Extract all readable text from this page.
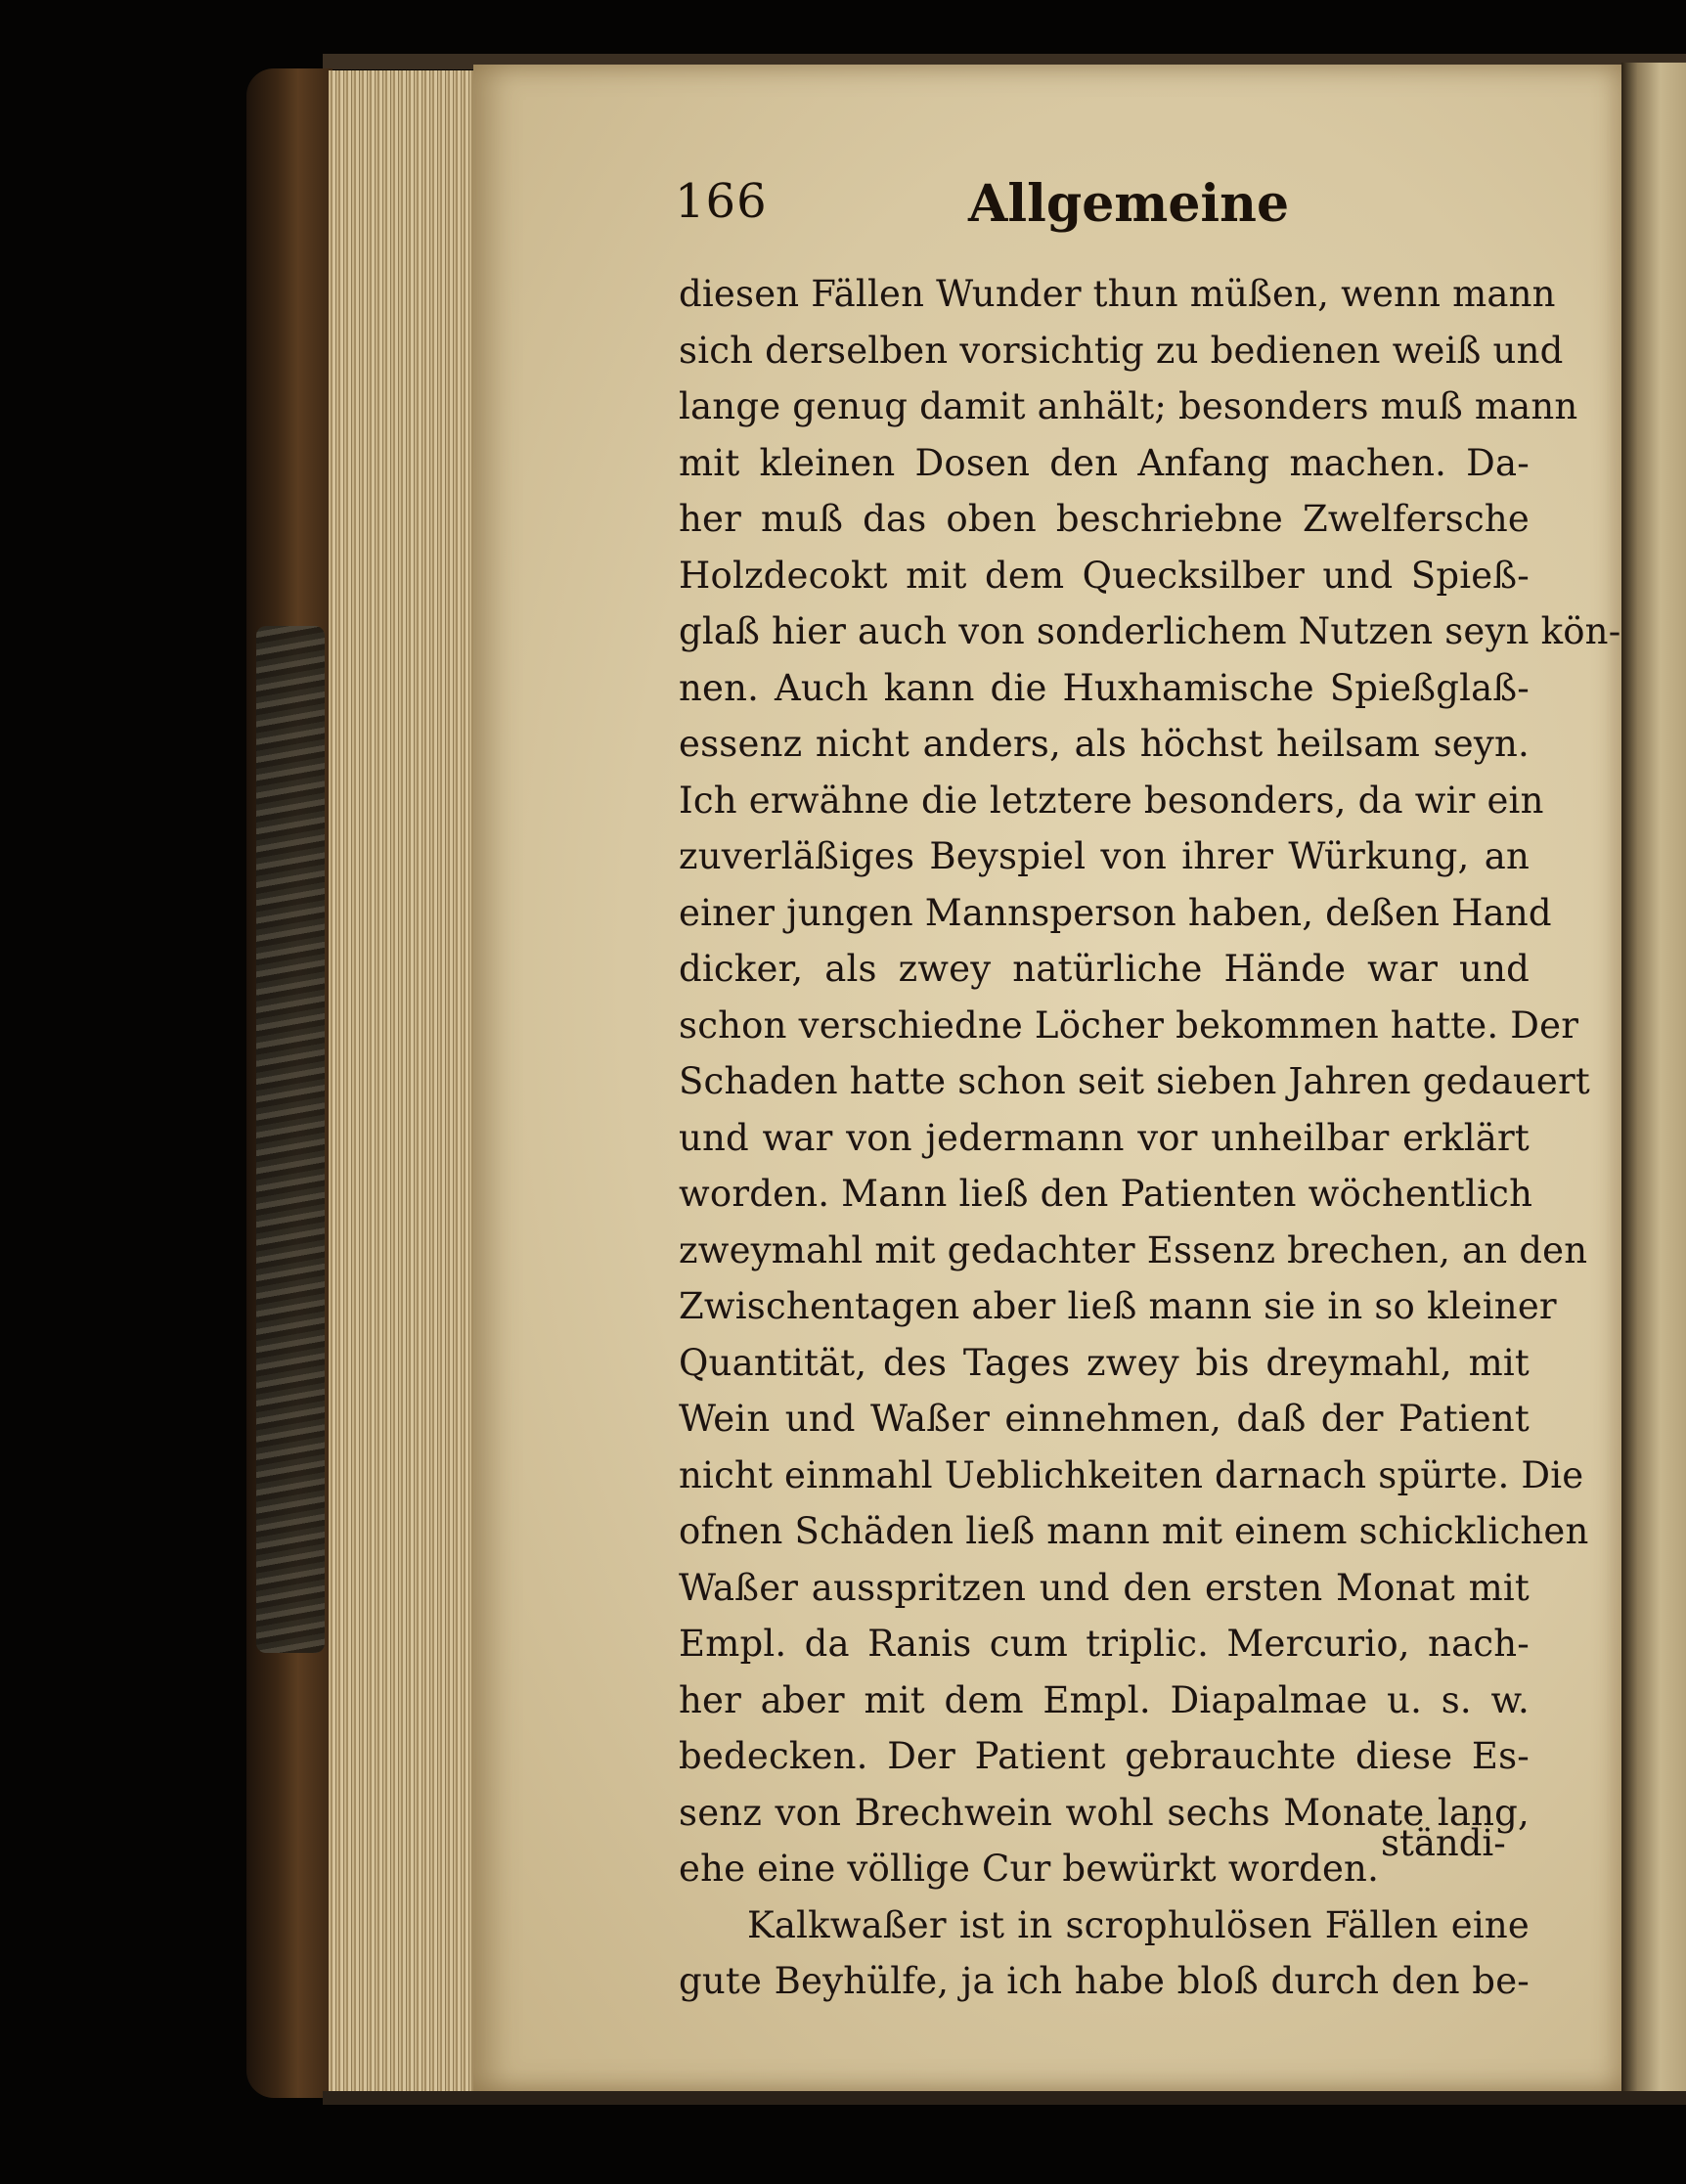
166	Allgemeine
diesen Fällen Wunder thun müßen, wenn mann
sich derselben vorsichtig zu bedienen weiß und
lange genug damit anhält; besonders muß mann
mit kleinen Dosen den Anfang machen. Da-
her muß das oben beschriebne Zwelfersche
Holzdecokt mit dem Quecksilber und Spieß-
glaß hier auch von sonderlichem Nutzen seyn kön-
nen. Auch kann die Huxhamische Spießglaß-
essenz nicht anders, als höchst heilsam seyn.
Ich erwähne die letztere besonders, da wir ein
zuverläßiges Beyspiel von ihrer Würkung, an
einer jungen Mannsperson haben, deßen Hand
dicker, als zwey natürliche Hände war und
schon verschiedne Löcher bekommen hatte. Der
Schaden hatte schon seit sieben Jahren gedauert
und war von jedermann vor unheilbar erklärt
worden. Mann ließ den Patienten wöchentlich
zweymahl mit gedachter Essenz brechen, an den
Zwischentagen aber ließ mann sie in so kleiner
Quantität, des Tages zwey bis dreymahl, mit
Wein und Waßer einnehmen, daß der Patient
nicht einmahl Ueblichkeiten darnach spürte. Die
ofnen Schäden ließ mann mit einem schicklichen
Waßer ausspritzen und den ersten Monat mit
Empl. da Ranis cum triplic. Mercurio, nach-
her aber mit dem Empl. Diapalmae u. s. w.
bedecken. Der Patient gebrauchte diese Es-
senz von Brechwein wohl sechs Monate lang,
ehe eine völlige Cur bewürkt worden.
Kalkwaßer ist in scrophulösen Fällen eine
gute Beyhülfe, ja ich habe bloß durch den be-
ständi-
